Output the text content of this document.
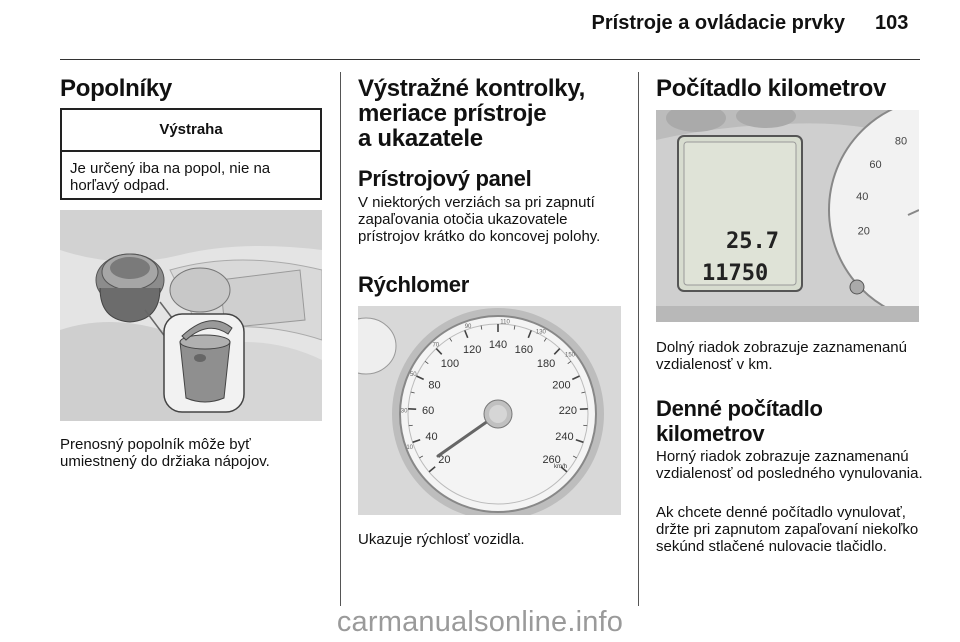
Prístroje a ovládacie prvky 103
Popolníky
Výstraha
Je určený iba na popol, nie na horľavý odpad.
Prenosný popolník môže byť umiestnený do držiaka nápojov.
Výstražné kontrolky,
meriace prístroje
a ukazatele
Prístrojový panel
V niektorých verziách sa pri zapnutí zapaľovania otočia ukazovatele prístrojov krátko do koncovej polohy.
Rýchlomer
20
40
60
80
100
120 140 160
180
200
220
240
260
10
30
50
70
90
110
130
150
km/h
Ukazuje rýchlosť vozidla.
Počítadlo kilometrov
25.7
11750
20
40
60
80
Dolný riadok zobrazuje zaznamenanú vzdialenosť v km.
Denné počítadlo
kilometrov
Horný riadok zobrazuje zaznamenanú vzdialenosť od posledného vynulovania.
Ak chcete denné počítadlo vynulovať, držte pri zapnutom zapaľovaní niekoľko sekúnd stlačené nulovacie tlačidlo.
carmanualsonline.info
